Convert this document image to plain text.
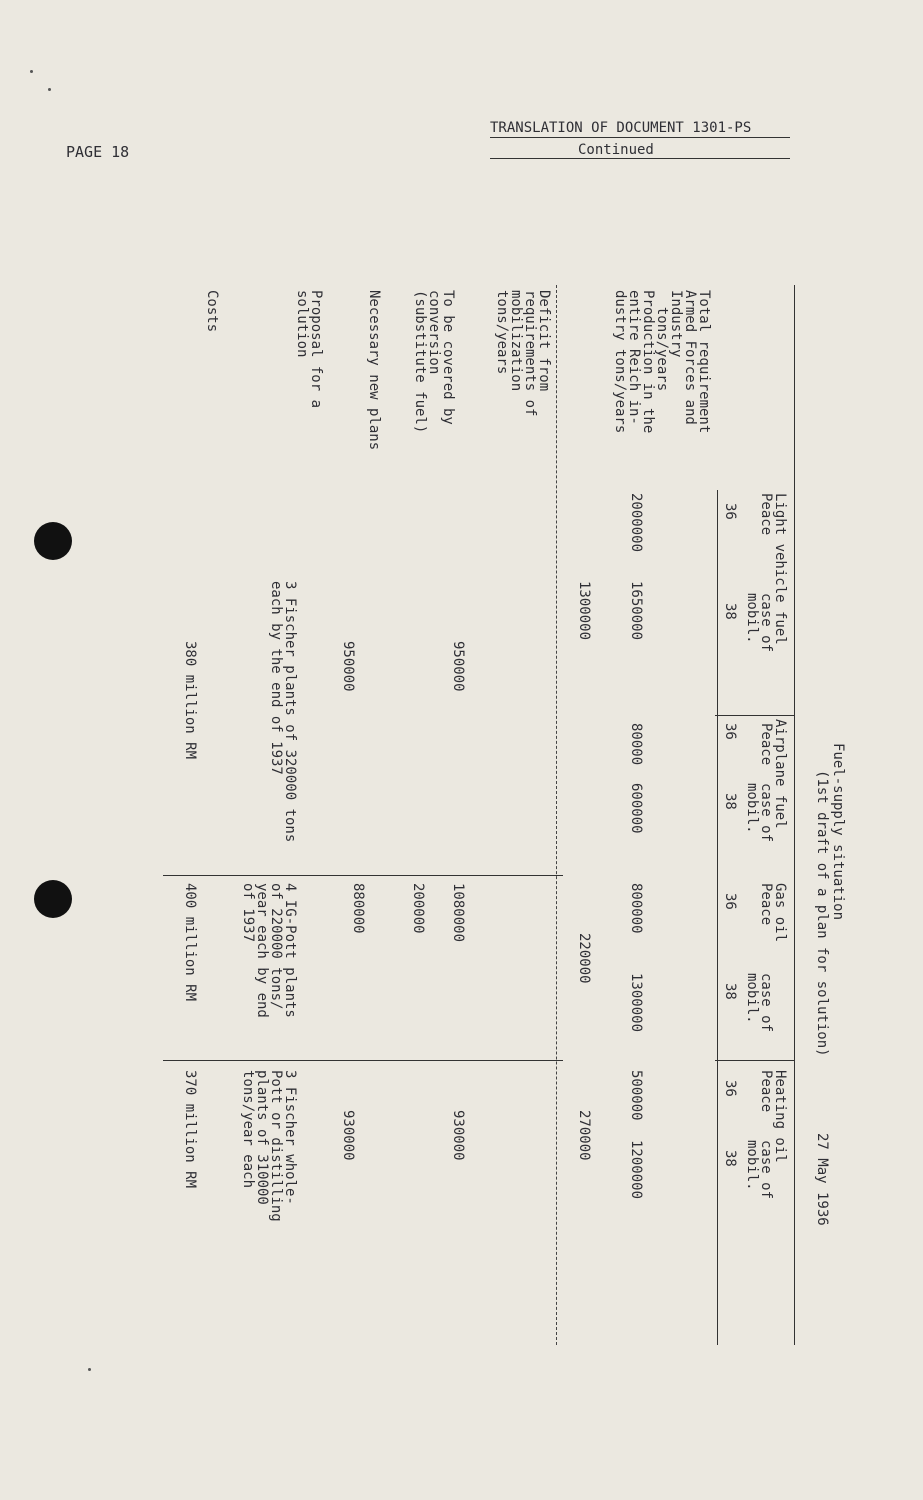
PAGE 18
TRANSLATION OF DOCUMENT 1301-PS
Continued
Fuel-supply situation
(1st draft of a plan for solution)
27 May 1936
Light vehicle fuel
Peace
case of mobil.
36
38
Airplane fuel
Peace
case of mobil.
36
38
Gas oil
Peace
case of mobil.
36
38
Heating oil
Peace
case of mobil.
36
38
Total requirement
Armed Forces and
Industry
tons/years
Production in the
entire Reich in-
dustry tons/years
Deficit from
requirements of
mobilization
tons/years
To be covered by
conversion
(substitute fuel)
Necessary new plans
Proposal for a
solution
Costs
2000000
1650000
1300000
950000
950000
3 Fischer plants of 320000 tons
each by the end of 1937
380 million RM	80000
600000
800000
1300000
220000
1080000
200000
880000
4 IG-Pott plants
of 220000 tons/
year each by end
of 1937
400 million RM
500000
1200000
270000
930000
930000
3 Fischer whole-
Pott or distilling
plants of 310000
tons/year each
370 million RM
